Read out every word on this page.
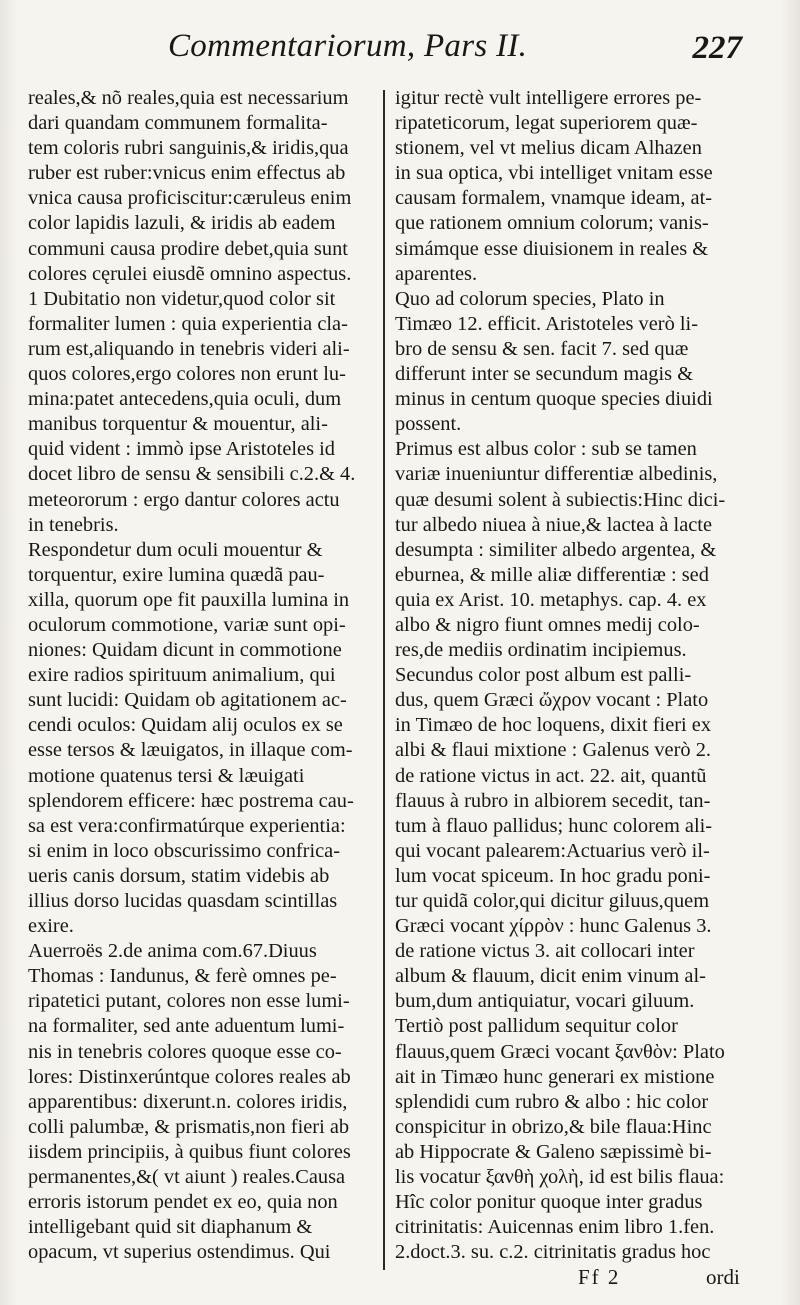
Commentariorum, Pars II.	227
reales,& nõ reales,quia est necessarium
dari quandam communem formalita-
tem coloris rubri sanguinis,& iridis,qua
ruber est ruber:vnicus enim effectus ab
vnica causa proficiscitur:cæruleus enim
color lapidis lazuli, & iridis ab eadem
communi causa prodire debet,quia sunt
colores cęrulei eiusdẽ omnino aspectus.
1 Dubitatio non videtur,quod color sit
formaliter lumen : quia experientia cla-
rum est,aliquando in tenebris videri ali-
quos colores,ergo colores non erunt lu-
mina:patet antecedens,quia oculi, dum
manibus torquentur & mouentur, ali-
quid vident : immò ipse Aristoteles id
docet libro de sensu & sensibili c.2.& 4.
meteororum : ergo dantur colores actu
in tenebris.
Respondetur dum oculi mouentur &
torquentur, exire lumina quædã pau-
xilla, quorum ope fit pauxilla lumina in
oculorum commotione, variæ sunt opi-
niones: Quidam dicunt in commotione
exire radios spirituum animalium, qui
sunt lucidi: Quidam ob agitationem ac-
cendi oculos: Quidam alij oculos ex se
esse tersos & læuigatos, in illaque com-
motione quatenus tersi & læuigati
splendorem efficere: hæc postrema cau-
sa est vera:confirmatúrque experientia:
si enim in loco obscurissimo confrica-
ueris canis dorsum, statim videbis ab
illius dorso lucidas quasdam scintillas
exire.
Auerroës 2.de anima com.67.Diuus
Thomas : Iandunus, & ferè omnes pe-
ripatetici putant, colores non esse lumi-
na formaliter, sed ante aduentum lumi-
nis in tenebris colores quoque esse co-
lores: Distinxerúntque colores reales ab
apparentibus: dixerunt.n. colores iridis,
colli palumbæ, & prismatis,non fieri ab
iisdem principiis, à quibus fiunt colores
permanentes,&( vt aiunt ) reales.Causa
erroris istorum pendet ex eo, quia non
intelligebant quid sit diaphanum &
opacum, vt superius ostendimus. Qui
igitur rectè vult intelligere errores pe-
ripateticorum, legat superiorem quæ-
stionem, vel vt melius dicam Alhazen
in sua optica, vbi intelliget vnitam esse
causam formalem, vnamque ideam, at-
que rationem omnium colorum; vanis-
simámque esse diuisionem in reales &
aparentes.
Quo ad colorum species, Plato in
Timæo 12. efficit. Aristoteles verò li-
bro de sensu & sen. facit 7. sed quæ
differunt inter se secundum magis &
minus in centum quoque species diuidi
possent.
Primus est albus color : sub se tamen
variæ inueniuntur differentiæ albedinis,
quæ desumi solent à subiectis:Hinc dici-
tur albedo niuea à niue,& lactea à lacte
desumpta : similiter albedo argentea, &
eburnea, & mille aliæ differentiæ : sed
quia ex Arist. 10. metaphys. cap. 4. ex
albo & nigro fiunt omnes medij colo-
res,de mediis ordinatim incipiemus.
Secundus color post album est palli-
dus, quem Græci ὤχρον vocant : Plato
in Timæo de hoc loquens, dixit fieri ex
albi & flaui mixtione : Galenus verò 2.
de ratione victus in act. 22. ait, quantũ
flauus à rubro in albiorem secedit, tan-
tum à flauo pallidus; hunc colorem ali-
qui vocant palearem:Actuarius verò il-
lum vocat spiceum. In hoc gradu poni-
tur quidã color,qui dicitur giluus,quem
Græci vocant χίρρὸν : hunc Galenus 3.
de ratione victus 3. ait collocari inter
album & flauum, dicit enim vinum al-
bum,dum antiquiatur, vocari giluum.
Tertiò post pallidum sequitur color
flauus,quem Græci vocant ξανθὸν: Plato
ait in Timæo hunc generari ex mistione
splendidi cum rubro & albo : hic color
conspicitur in obrizo,& bile flaua:Hinc
ab Hippocrate & Galeno sæpissimè bi-
lis vocatur ξανθὴ χολὴ, id est bilis flaua:
Hîc color ponitur quoque inter gradus
citrinitatis: Auicennas enim libro 1.fen.
2.doct.3. su. c.2. citrinitatis gradus hoc
Ff 2	ordi
